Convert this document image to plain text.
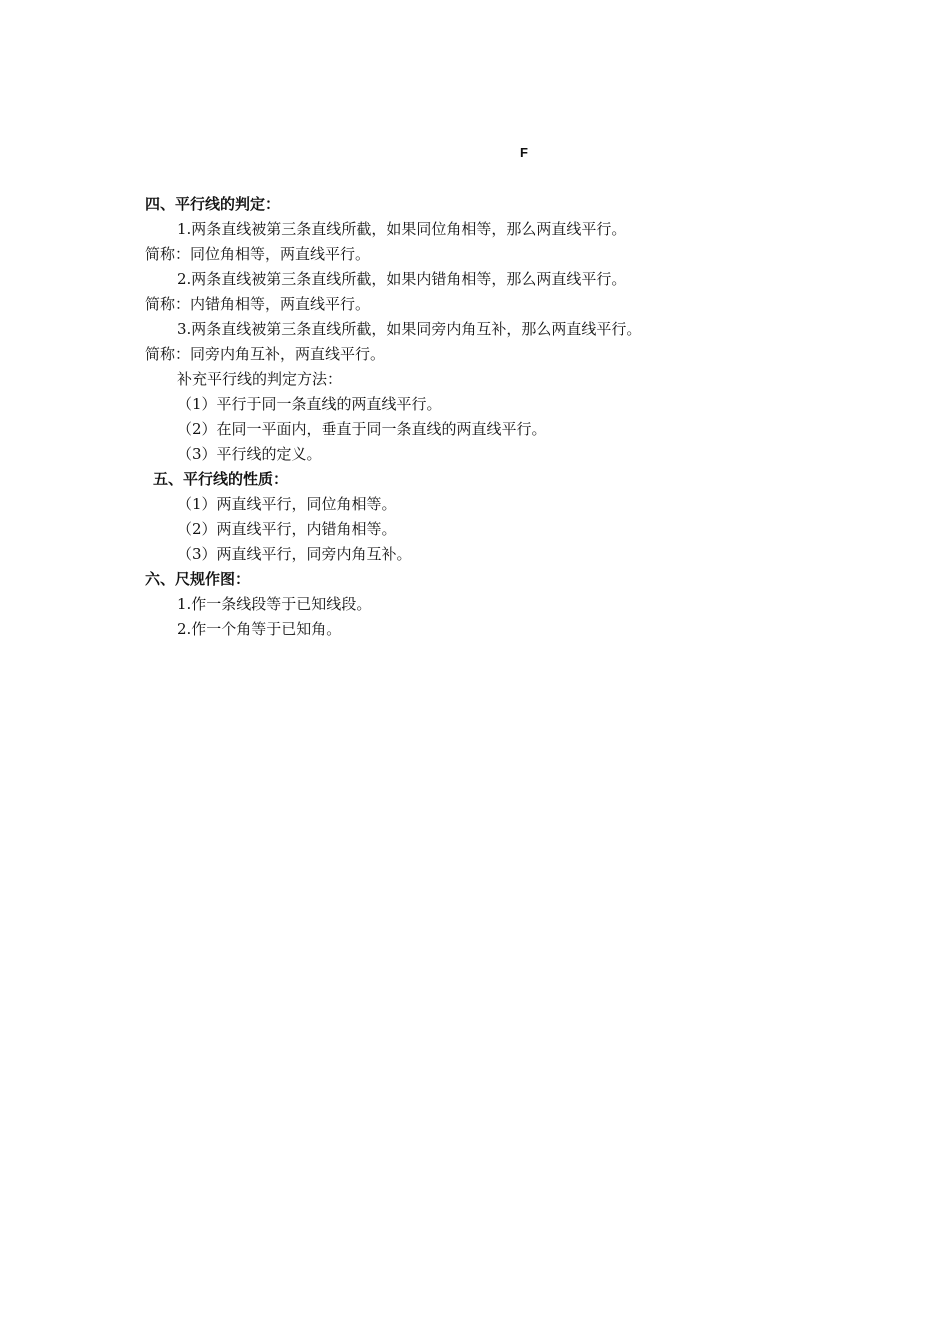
F
四、平行线的判定：
1.两条直线被第三条直线所截，如果同位角相等，那么两直线平行。
简称：同位角相等，两直线平行。
2.两条直线被第三条直线所截，如果内错角相等，那么两直线平行。
简称：内错角相等，两直线平行。
3.两条直线被第三条直线所截，如果同旁内角互补，那么两直线平行。
简称：同旁内角互补，两直线平行。
补充平行线的判定方法：
（1）平行于同一条直线的两直线平行。
（2）在同一平面内，垂直于同一条直线的两直线平行。
（3）平行线的定义。
五、平行线的性质：
（1）两直线平行，同位角相等。
（2）两直线平行，内错角相等。
（3）两直线平行，同旁内角互补。
六、尺规作图：
1.作一条线段等于已知线段。
2.作一个角等于已知角。
